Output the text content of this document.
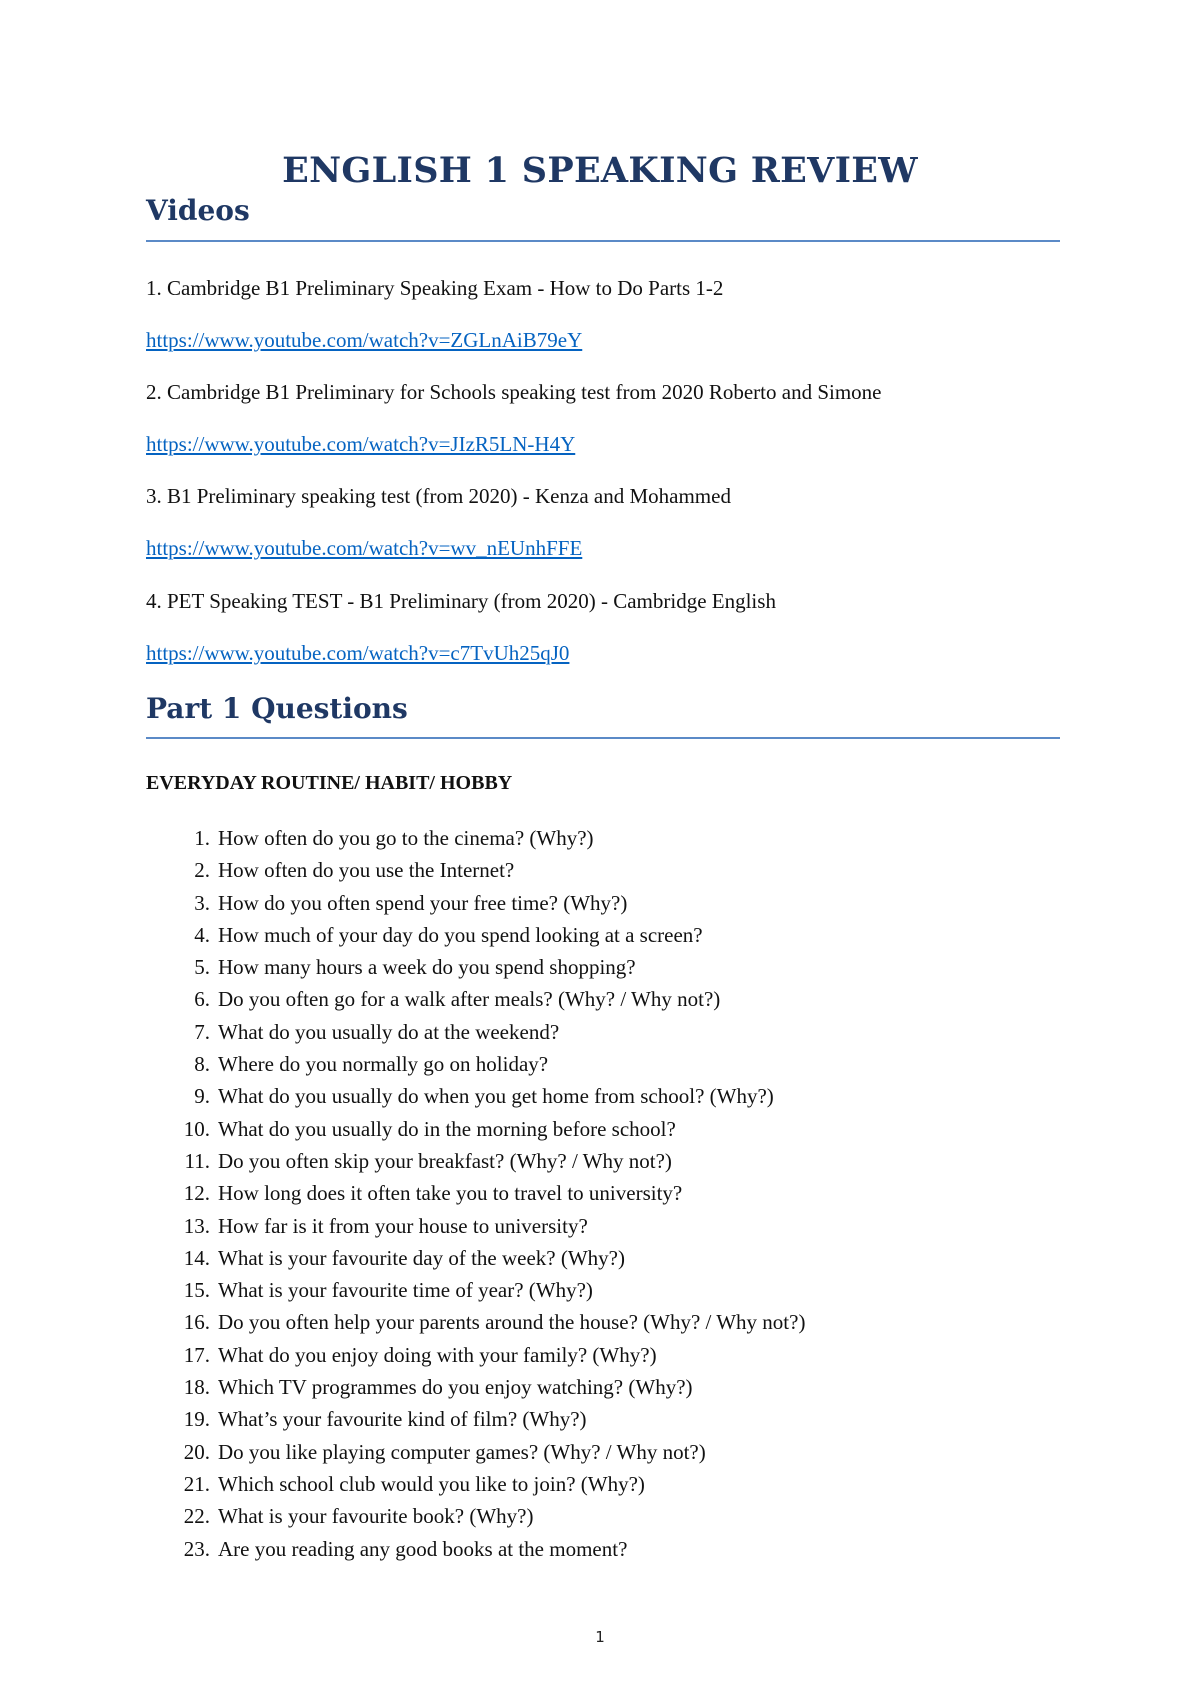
ENGLISH 1 SPEAKING REVIEW
Videos
1. Cambridge B1 Preliminary Speaking Exam - How to Do Parts 1-2
https://www.youtube.com/watch?v=ZGLnAiB79eY
2. Cambridge B1 Preliminary for Schools speaking test from 2020 Roberto and Simone
https://www.youtube.com/watch?v=JIzR5LN-H4Y
3. B1 Preliminary speaking test (from 2020) - Kenza and Mohammed
https://www.youtube.com/watch?v=wv_nEUnhFFE
4. PET Speaking TEST - B1 Preliminary (from 2020) - Cambridge English
https://www.youtube.com/watch?v=c7TvUh25qJ0
Part 1 Questions
EVERYDAY ROUTINE/ HABIT/ HOBBY
1. How often do you go to the cinema? (Why?)
2. How often do you use the Internet?
3. How do you often spend your free time? (Why?)
4. How much of your day do you spend looking at a screen?
5. How many hours a week do you spend shopping?
6. Do you often go for a walk after meals? (Why? / Why not?)
7. What do you usually do at the weekend?
8. Where do you normally go on holiday?
9. What do you usually do when you get home from school? (Why?)
10. What do you usually do in the morning before school?
11. Do you often skip your breakfast? (Why? / Why not?)
12. How long does it often take you to travel to university?
13. How far is it from your house to university?
14. What is your favourite day of the week? (Why?)
15. What is your favourite time of year? (Why?)
16. Do you often help your parents around the house? (Why? / Why not?)
17. What do you enjoy doing with your family? (Why?)
18. Which TV programmes do you enjoy watching? (Why?)
19. What’s your favourite kind of film? (Why?)
20. Do you like playing computer games? (Why? / Why not?)
21. Which school club would you like to join? (Why?)
22. What is your favourite book? (Why?)
23. Are you reading any good books at the moment?
1
